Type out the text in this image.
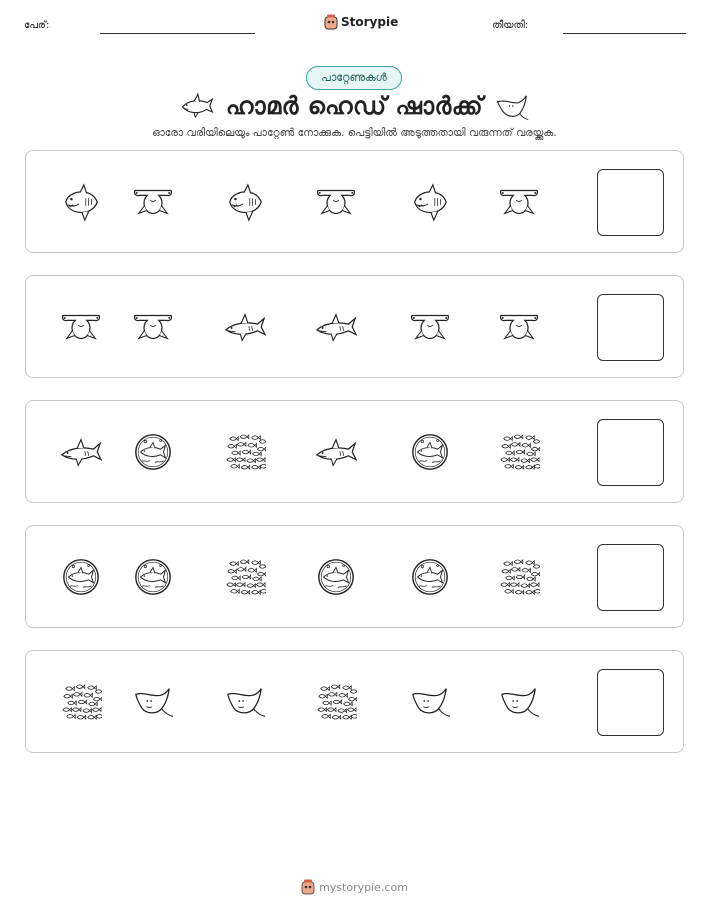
പേര്:	Storypie	തീയതി:
പാറ്റേണുകൾ
ഹാമർ ഹെഡ് ഷാർക്ക്
ഓരോ വരിയിലെയും പാറ്റേൺ നോക്കുക. പെട്ടിയിൽ അടുത്തതായി വരുന്നത് വരയ്ക്കുക.
mystorypie.com
